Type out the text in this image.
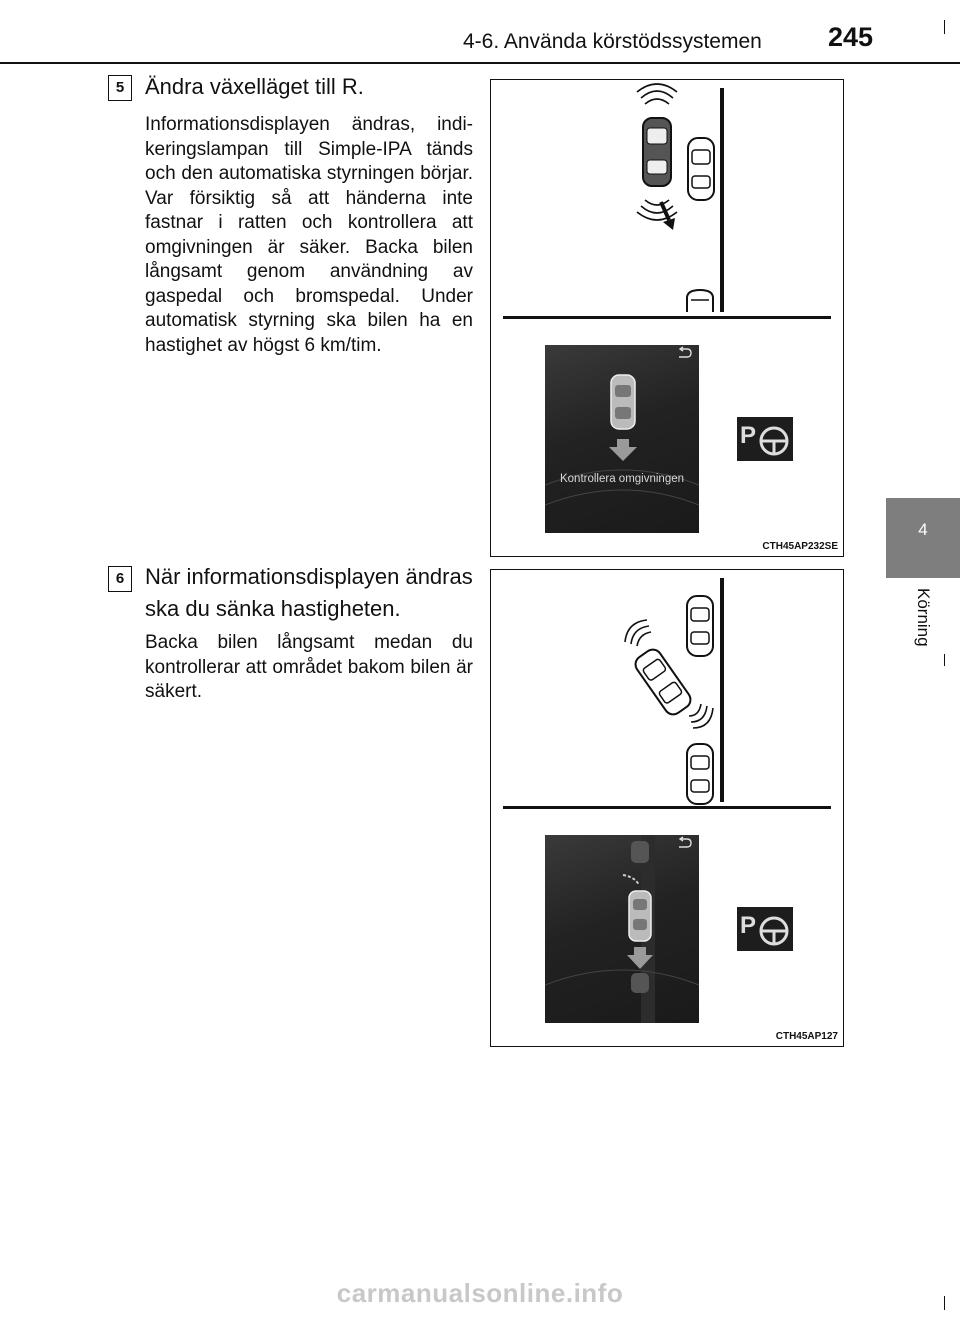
4-6. Använda körstödssystemen 245
4
Körning
5 Ändra växelläget till R.
Informationsdisplayen ändras, indikeringslampan till Simple-IPA tänds och den automatiska styrningen börjar. Var försiktig så att händerna inte fastnar i ratten och kontrollera att omgivningen är säker. Backa bilen långsamt genom användning av gaspedal och bromspedal. Under automatisk styrning ska bilen ha en hastighet av högst 6 km/tim.
6 När informationsdisplayen ändras ska du sänka hastigheten.
Backa bilen långsamt medan du kontrollerar att området bakom bilen är säkert.
Kontrollera omgivningen
P
CTH45AP232SE
P
CTH45AP127
carmanualsonline.info
